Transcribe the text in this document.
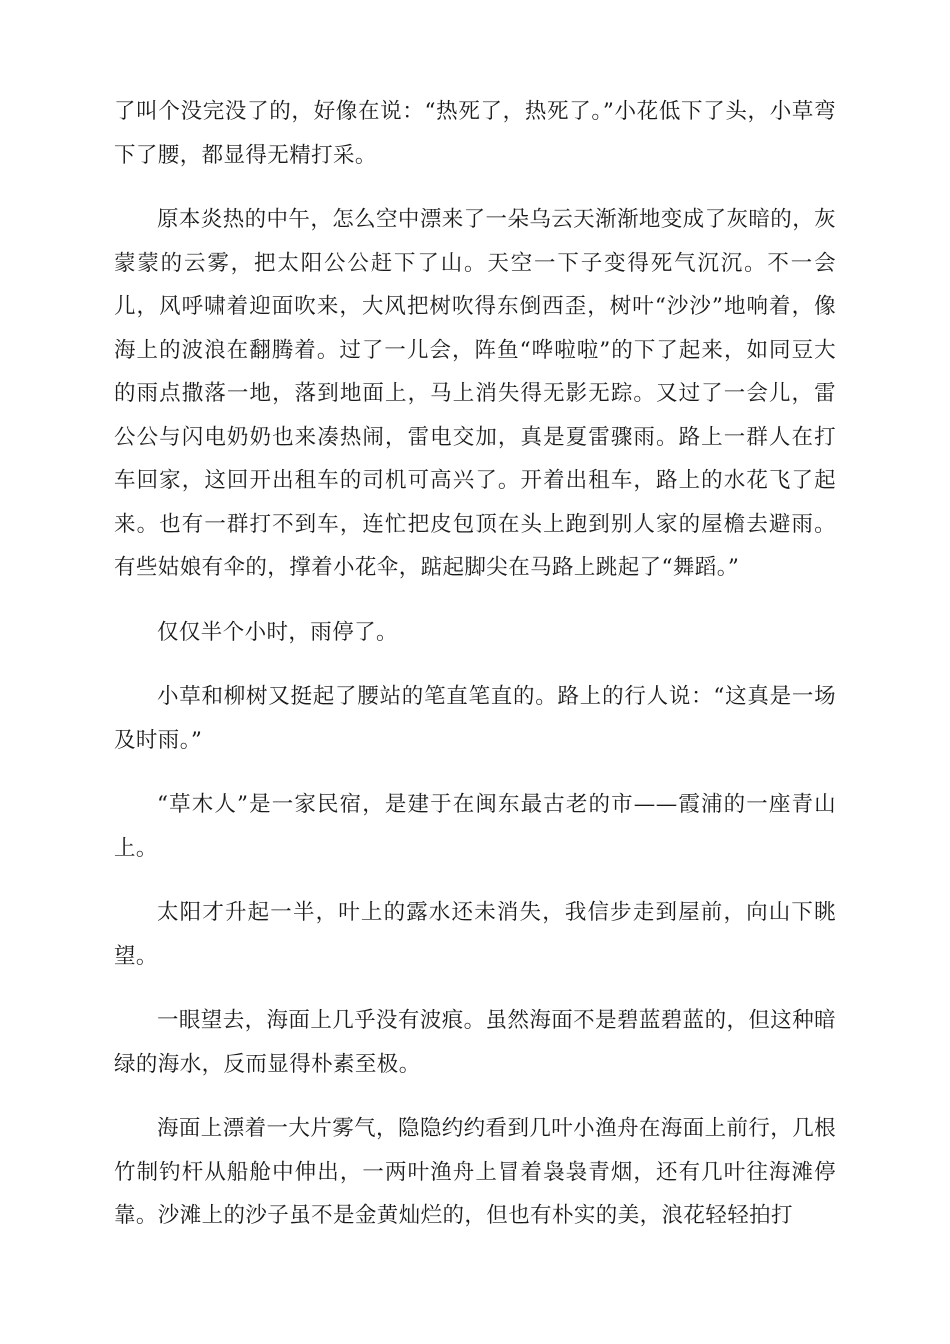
了叫个没完没了的，好像在说：“热死了，热死了。”小花低下了头，小草弯下了腰，都显得无精打采。

原本炎热的中午，怎么空中漂来了一朵乌云天渐渐地变成了灰暗的，灰蒙蒙的云雾，把太阳公公赶下了山。天空一下子变得死气沉沉。不一会儿，风呼啸着迎面吹来，大风把树吹得东倒西歪，树叶“沙沙”地响着，像海上的波浪在翻腾着。过了一儿会，阵鱼“哗啦啦”的下了起来，如同豆大的雨点撒落一地，落到地面上，马上消失得无影无踪。又过了一会儿，雷公公与闪电奶奶也来凑热闹，雷电交加，真是夏雷骤雨。路上一群人在打车回家，这回开出租车的司机可高兴了。开着出租车，路上的水花飞了起来。也有一群打不到车，连忙把皮包顶在头上跑到别人家的屋檐去避雨。有些姑娘有伞的，撑着小花伞，踮起脚尖在马路上跳起了“舞蹈。”

仅仅半个小时，雨停了。

小草和柳树又挺起了腰站的笔直笔直的。路上的行人说：“这真是一场及时雨。”

“草木人”是一家民宿，是建于在闽东最古老的市——霞浦的一座青山上。

太阳才升起一半，叶上的露水还未消失，我信步走到屋前，向山下眺望。

一眼望去，海面上几乎没有波痕。虽然海面不是碧蓝碧蓝的，但这种暗绿的海水，反而显得朴素至极。

海面上漂着一大片雾气，隐隐约约看到几叶小渔舟在海面上前行，几根竹制钓杆从船舱中伸出，一两叶渔舟上冒着袅袅青烟，还有几叶往海滩停靠。沙滩上的沙子虽不是金黄灿烂的，但也有朴实的美，浪花轻轻拍打
